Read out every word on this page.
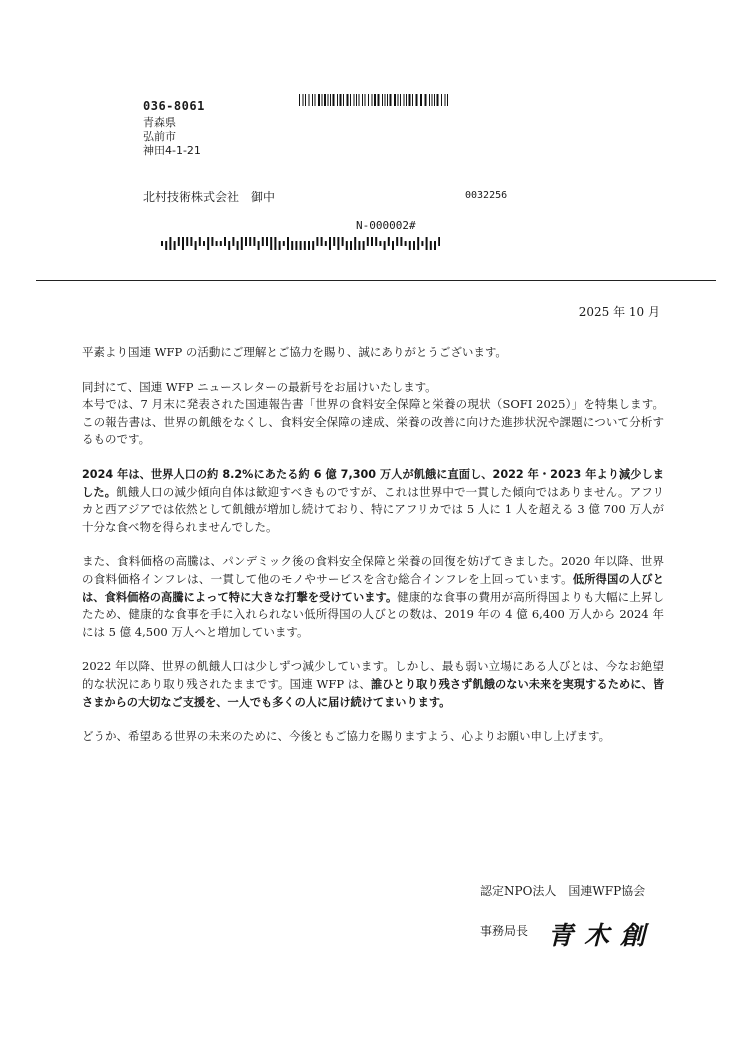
036-8061
青森県
弘前市
神田4-1-21
北村技術株式会社　御中	0032256
N-000002#
2025 年 10 月

平素より国連 WFP の活動にご理解とご協力を賜り、誠にありがとうございます。

同封にて、国連 WFP ニュースレターの最新号をお届けいたします。
本号では、7 月末に発表された国連報告書「世界の食料安全保障と栄養の現状（SOFI 2025）」を特集します。この報告書は、世界の飢餓をなくし、食料安全保障の達成、栄養の改善に向けた進捗状況や課題について分析するものです。

2024 年は、世界人口の約 8.2%にあたる約 6 億 7,300 万人が飢餓に直面し、2022 年・2023 年より減少しました。飢餓人口の減少傾向自体は歓迎すべきものですが、これは世界中で一貫した傾向ではありません。アフリカと西アジアでは依然として飢餓が増加し続けており、特にアフリカでは 5 人に 1 人を超える 3 億 700 万人が十分な食べ物を得られませんでした。

また、食料価格の高騰は、パンデミック後の食料安全保障と栄養の回復を妨げてきました。2020 年以降、世界の食料価格インフレは、一貫して他のモノやサービスを含む総合インフレを上回っています。低所得国の人びとは、食料価格の高騰によって特に大きな打撃を受けています。健康的な食事の費用が高所得国よりも大幅に上昇したため、健康的な食事を手に入れられない低所得国の人びとの数は、2019 年の 4 億 6,400 万人から 2024 年には 5 億 4,500 万人へと増加しています。

2022 年以降、世界の飢餓人口は少しずつ減少しています。しかし、最も弱い立場にある人びとは、今なお絶望的な状況にあり取り残されたままです。国連 WFP は、誰ひとり取り残さず飢餓のない未来を実現するために、皆さまからの大切なご支援を、一人でも多くの人に届け続けてまいります。

どうか、希望ある世界の未来のために、今後ともご協力を賜りますよう、心よりお願い申し上げます。

認定NPO法人　国連WFP協会
事務局長 青木創
